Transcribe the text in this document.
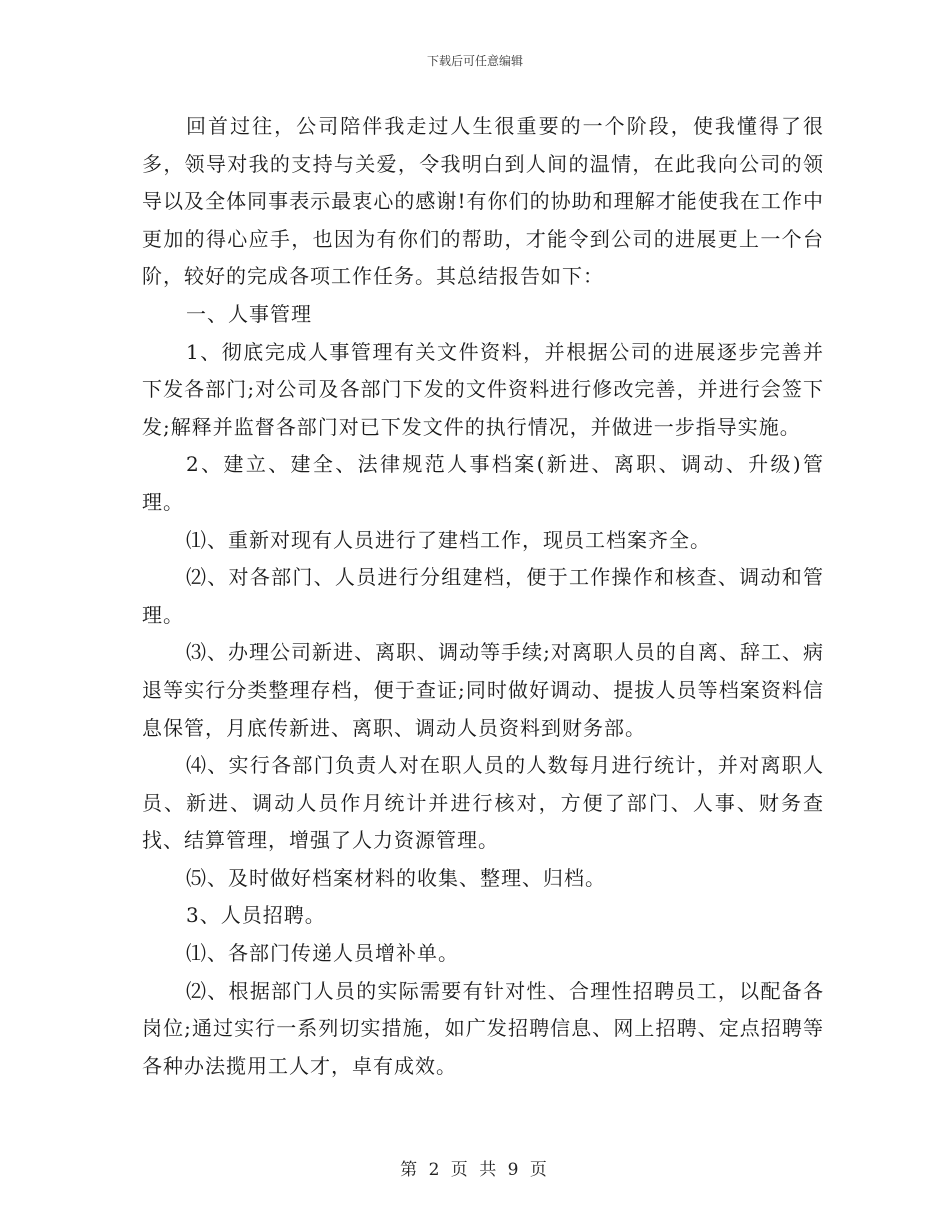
下载后可任意编辑

回首过往，公司陪伴我走过人生很重要的一个阶段，使我懂得了很多，领导对我的支持与关爱，令我明白到人间的温情，在此我向公司的领导以及全体同事表示最衷心的感谢!有你们的协助和理解才能使我在工作中更加的得心应手，也因为有你们的帮助，才能令到公司的进展更上一个台阶，较好的完成各项工作任务。其总结报告如下：

一、人事管理

1、彻底完成人事管理有关文件资料，并根据公司的进展逐步完善并下发各部门;对公司及各部门下发的文件资料进行修改完善，并进行会签下发;解释并监督各部门对已下发文件的执行情况，并做进一步指导实施。

2、建立、建全、法律规范人事档案(新进、离职、调动、升级)管理。

⑴、重新对现有人员进行了建档工作，现员工档案齐全。

⑵、对各部门、人员进行分组建档，便于工作操作和核查、调动和管理。

⑶、办理公司新进、离职、调动等手续;对离职人员的自离、辞工、病退等实行分类整理存档，便于查证;同时做好调动、提拔人员等档案资料信息保管，月底传新进、离职、调动人员资料到财务部。

⑷、实行各部门负责人对在职人员的人数每月进行统计，并对离职人员、新进、调动人员作月统计并进行核对，方便了部门、人事、财务查找、结算管理，增强了人力资源管理。

⑸、及时做好档案材料的收集、整理、归档。

3、人员招聘。

⑴、各部门传递人员增补单。

⑵、根据部门人员的实际需要有针对性、合理性招聘员工，以配备各岗位;通过实行一系列切实措施，如广发招聘信息、网上招聘、定点招聘等各种办法揽用工人才，卓有成效。

第 2 页 共 9 页
